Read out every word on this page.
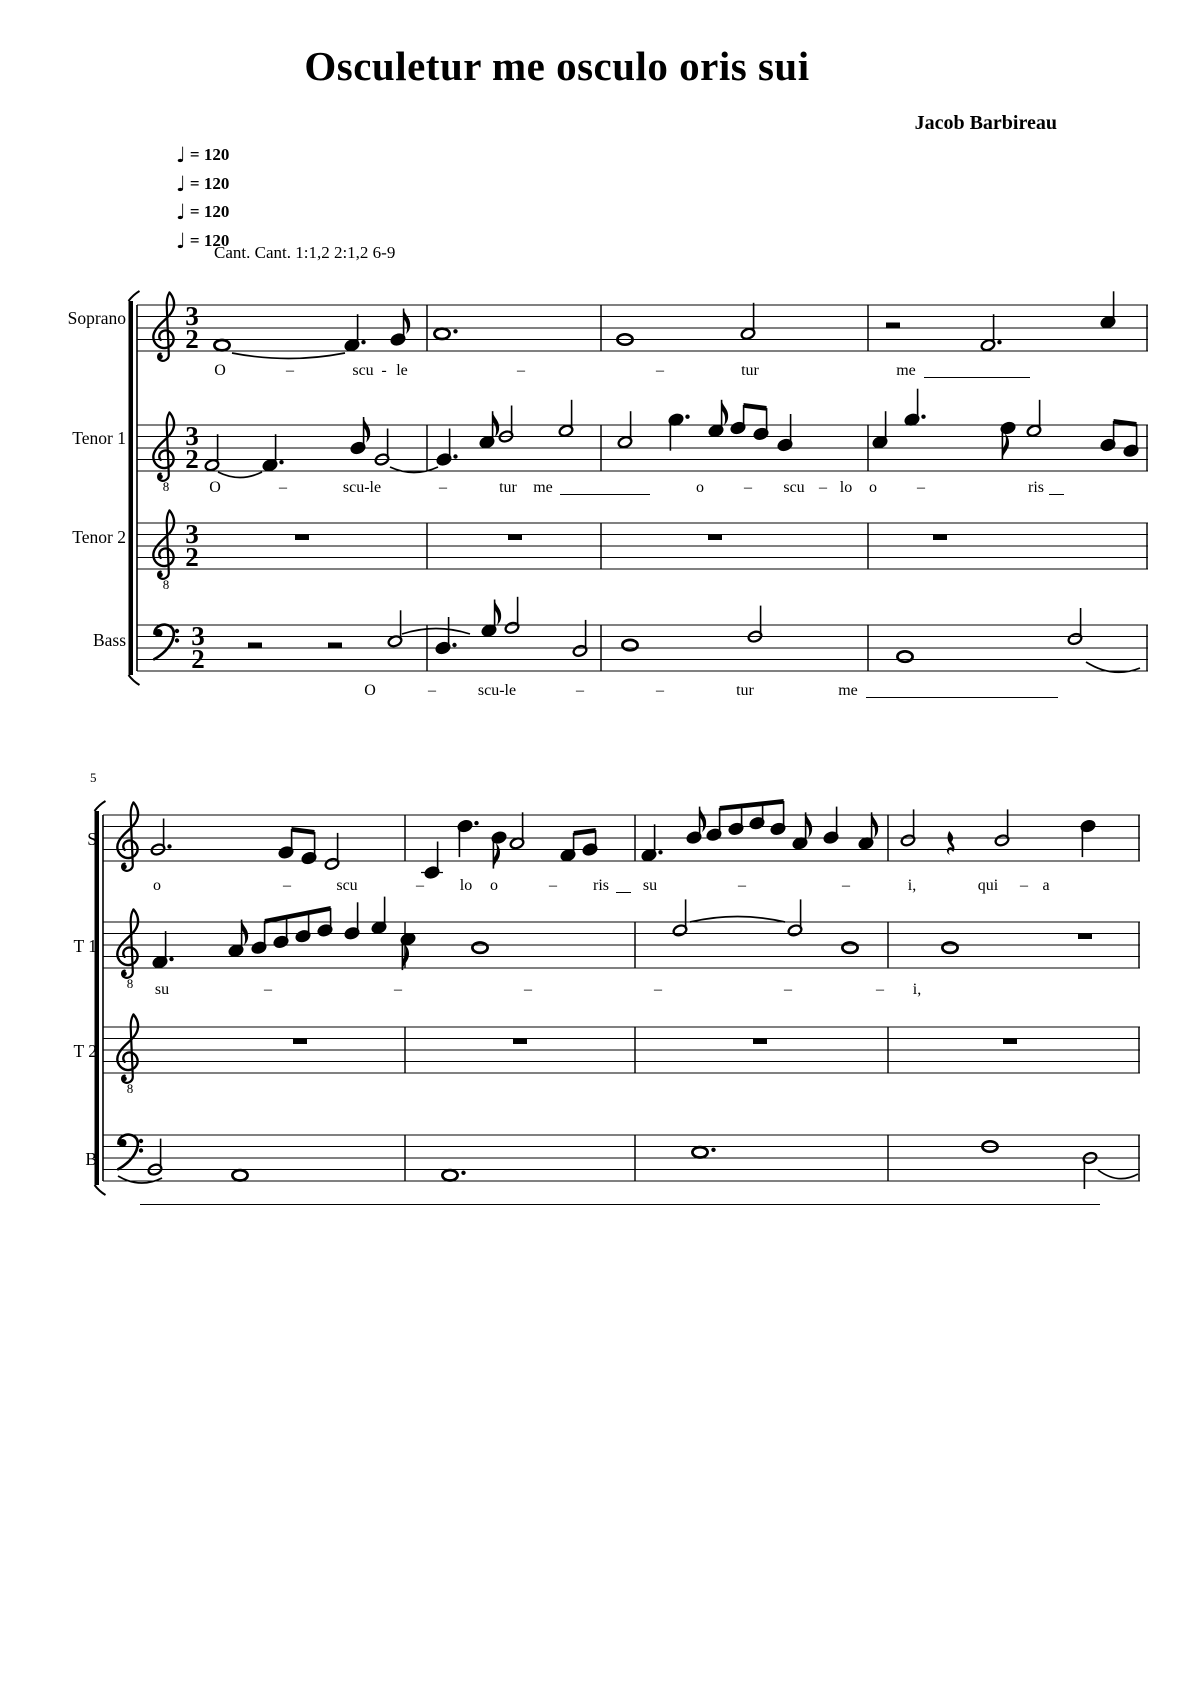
Osculetur me osculo oris sui
Jacob Barbireau
♩ = 120
♩ = 120
♩ = 120
♩ = 120
Cant. Cant. 1:1,2 2:1,2 6-9
5
3
2
8
3
2
8
3
2
3
2
8
8
O	–	scu - le	–	–	tur	me
O	–	scu-le	–	tur me	o	– scu – lo o	–	ris
O	–	scu-le	–	–	tur	me
o	–	scu	– lo o	– ris su	–	–	i,	qui – a
su	–	–	–	–	–	– i,
Soprano
Tenor 1
Tenor 2
Bass
S
T 1
T 2
B
